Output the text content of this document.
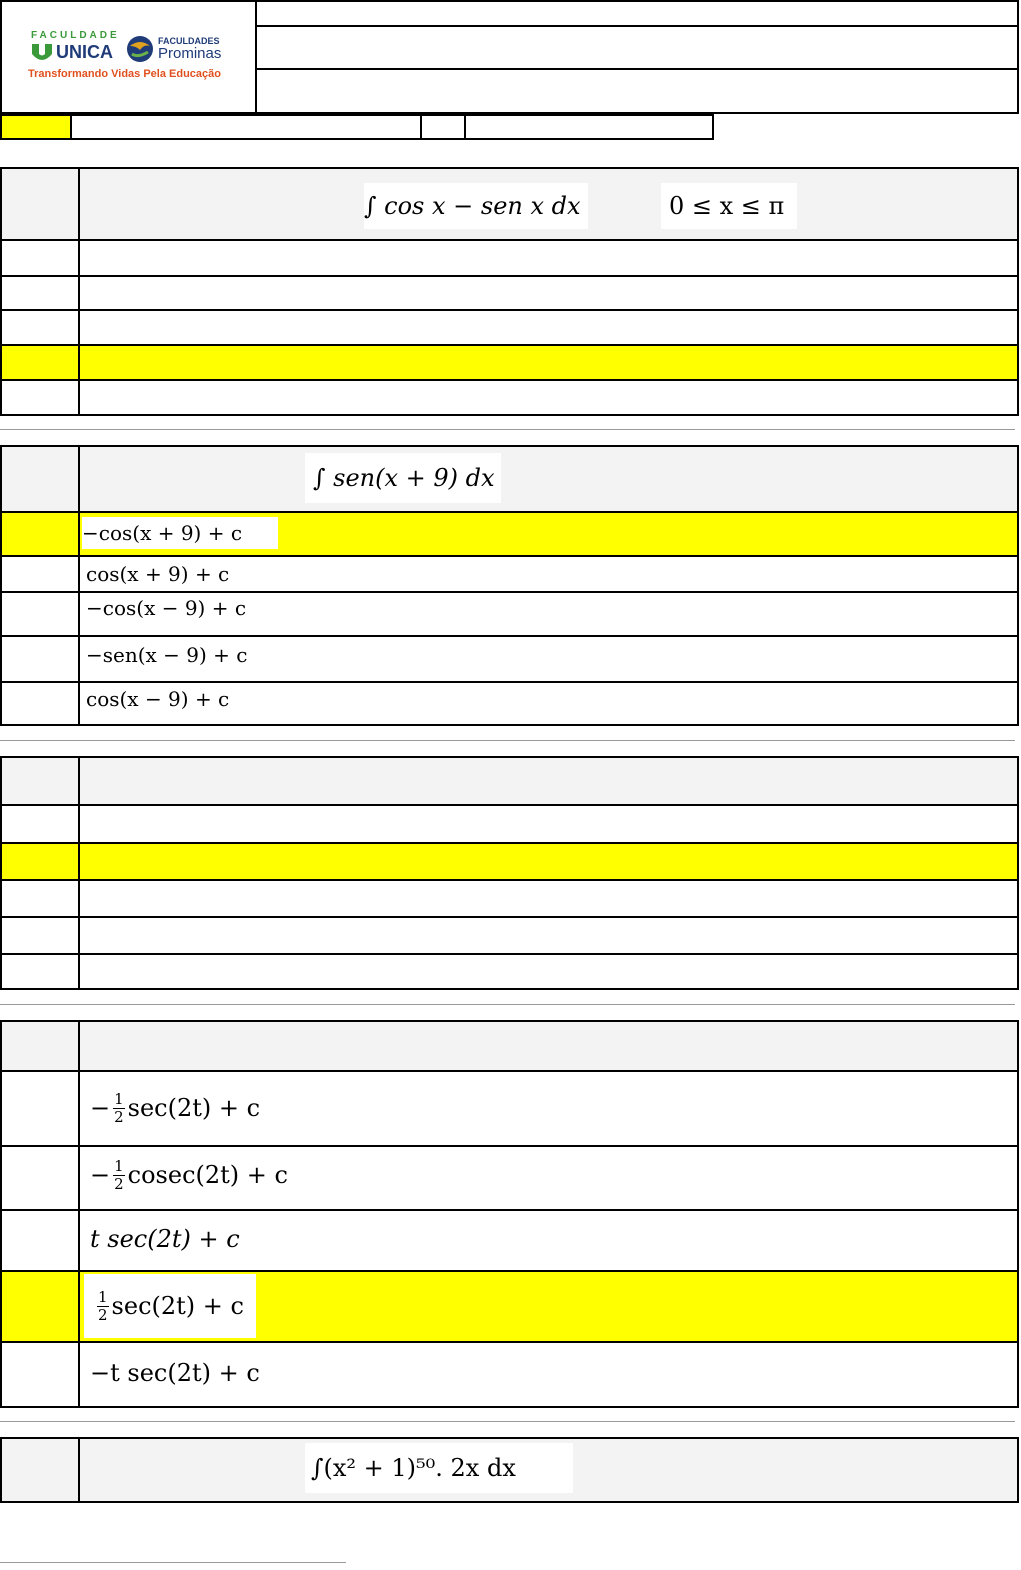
FACULDADE
UNICA
FACULDADES
Prominas
Transformando Vidas Pela Educação
∫ cos x − sen x dx	0 ≤ x ≤ π
∫ sen(x + 9) dx
−cos(x + 9) + c
cos(x + 9) + c
−cos(x − 9) + c
−sen(x − 9) + c
cos(x − 9) + c
− $\frac{1}{2} \sec(2t) + c$
− $\frac{1}{2} cosec(2t) + c$
t sec(2t) + c
$\frac{1}{2} \sec(2t) + c$
−t sec(2t) + c
∫(x² + 1)⁵⁰. 2x dx
